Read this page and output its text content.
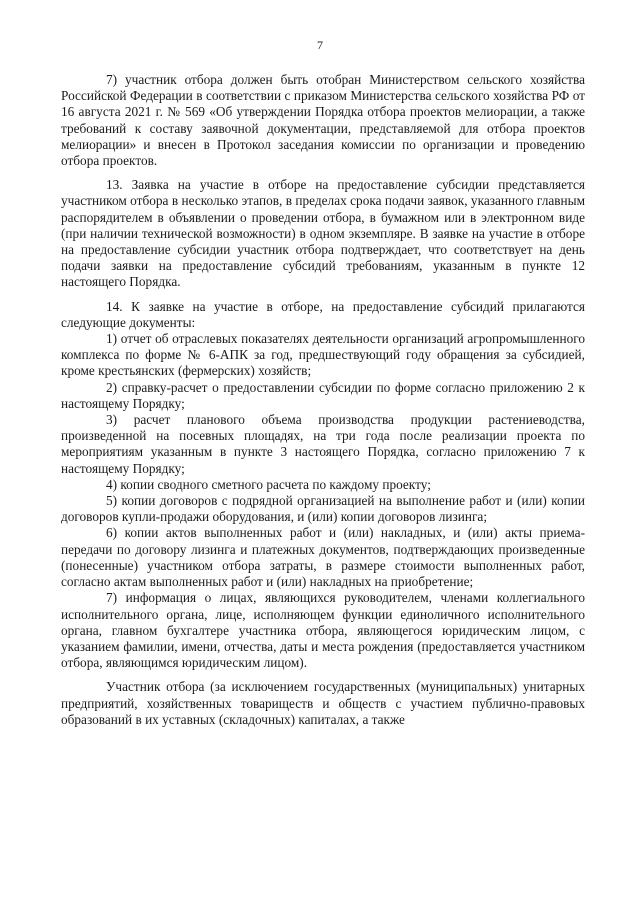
7

7) участник отбора должен быть отобран Министерством сельского хозяйства Российской Федерации в соответствии с приказом Министерства сельского хозяйства РФ от 16 августа 2021 г. № 569 «Об утверждении Порядка отбора проектов мелиорации, а также требований к составу заявочной документации, представляемой для отбора проектов мелиорации» и внесен в Протокол заседания комиссии по организации и проведению отбора проектов.

13. Заявка на участие в отборе на предоставление субсидии представляется участником отбора в несколько этапов, в пределах срока подачи заявок, указанного главным распорядителем в объявлении о проведении отбора, в бумажном или в электронном виде (при наличии технической возможности) в одном экземпляре. В заявке на участие в отборе на предоставление субсидии участник отбора подтверждает, что соответствует на день подачи заявки на предоставление субсидий требованиям, указанным в пункте 12 настоящего Порядка.

14. К заявке на участие в отборе, на предоставление субсидий прилагаются следующие документы:

1) отчет об отраслевых показателях деятельности организаций агропромышленного комплекса по форме № 6-АПК за год, предшествующий году обращения за субсидией, кроме крестьянских (фермерских) хозяйств;

2) справку-расчет о предоставлении субсидии по форме согласно приложению 2 к настоящему Порядку;

3) расчет планового объема производства продукции растениеводства, произведенной на посевных площадях, на три года после реализации проекта по мероприятиям указанным в пункте 3 настоящего Порядка, согласно приложению 7 к настоящему Порядку;

4) копии сводного сметного расчета по каждому проекту;

5) копии договоров с подрядной организацией на выполнение работ и (или) копии договоров купли-продажи оборудования, и (или) копии договоров лизинга;

6) копии актов выполненных работ и (или) накладных, и (или) акты приема-передачи по договору лизинга и платежных документов, подтверждающих произведенные (понесенные) участником отбора затраты, в размере стоимости выполненных работ, согласно актам выполненных работ и (или) накладных на приобретение;

7) информация о лицах, являющихся руководителем, членами коллегиального исполнительного органа, лице, исполняющем функции единоличного исполнительного органа, главном бухгалтере участника отбора, являющегося юридическим лицом, с указанием фамилии, имени, отчества, даты и места рождения (предоставляется участником отбора, являющимся юридическим лицом).

Участник отбора (за исключением государственных (муниципальных) унитарных предприятий, хозяйственных товариществ и обществ с участием публично-правовых образований в их уставных (складочных) капиталах, а также
